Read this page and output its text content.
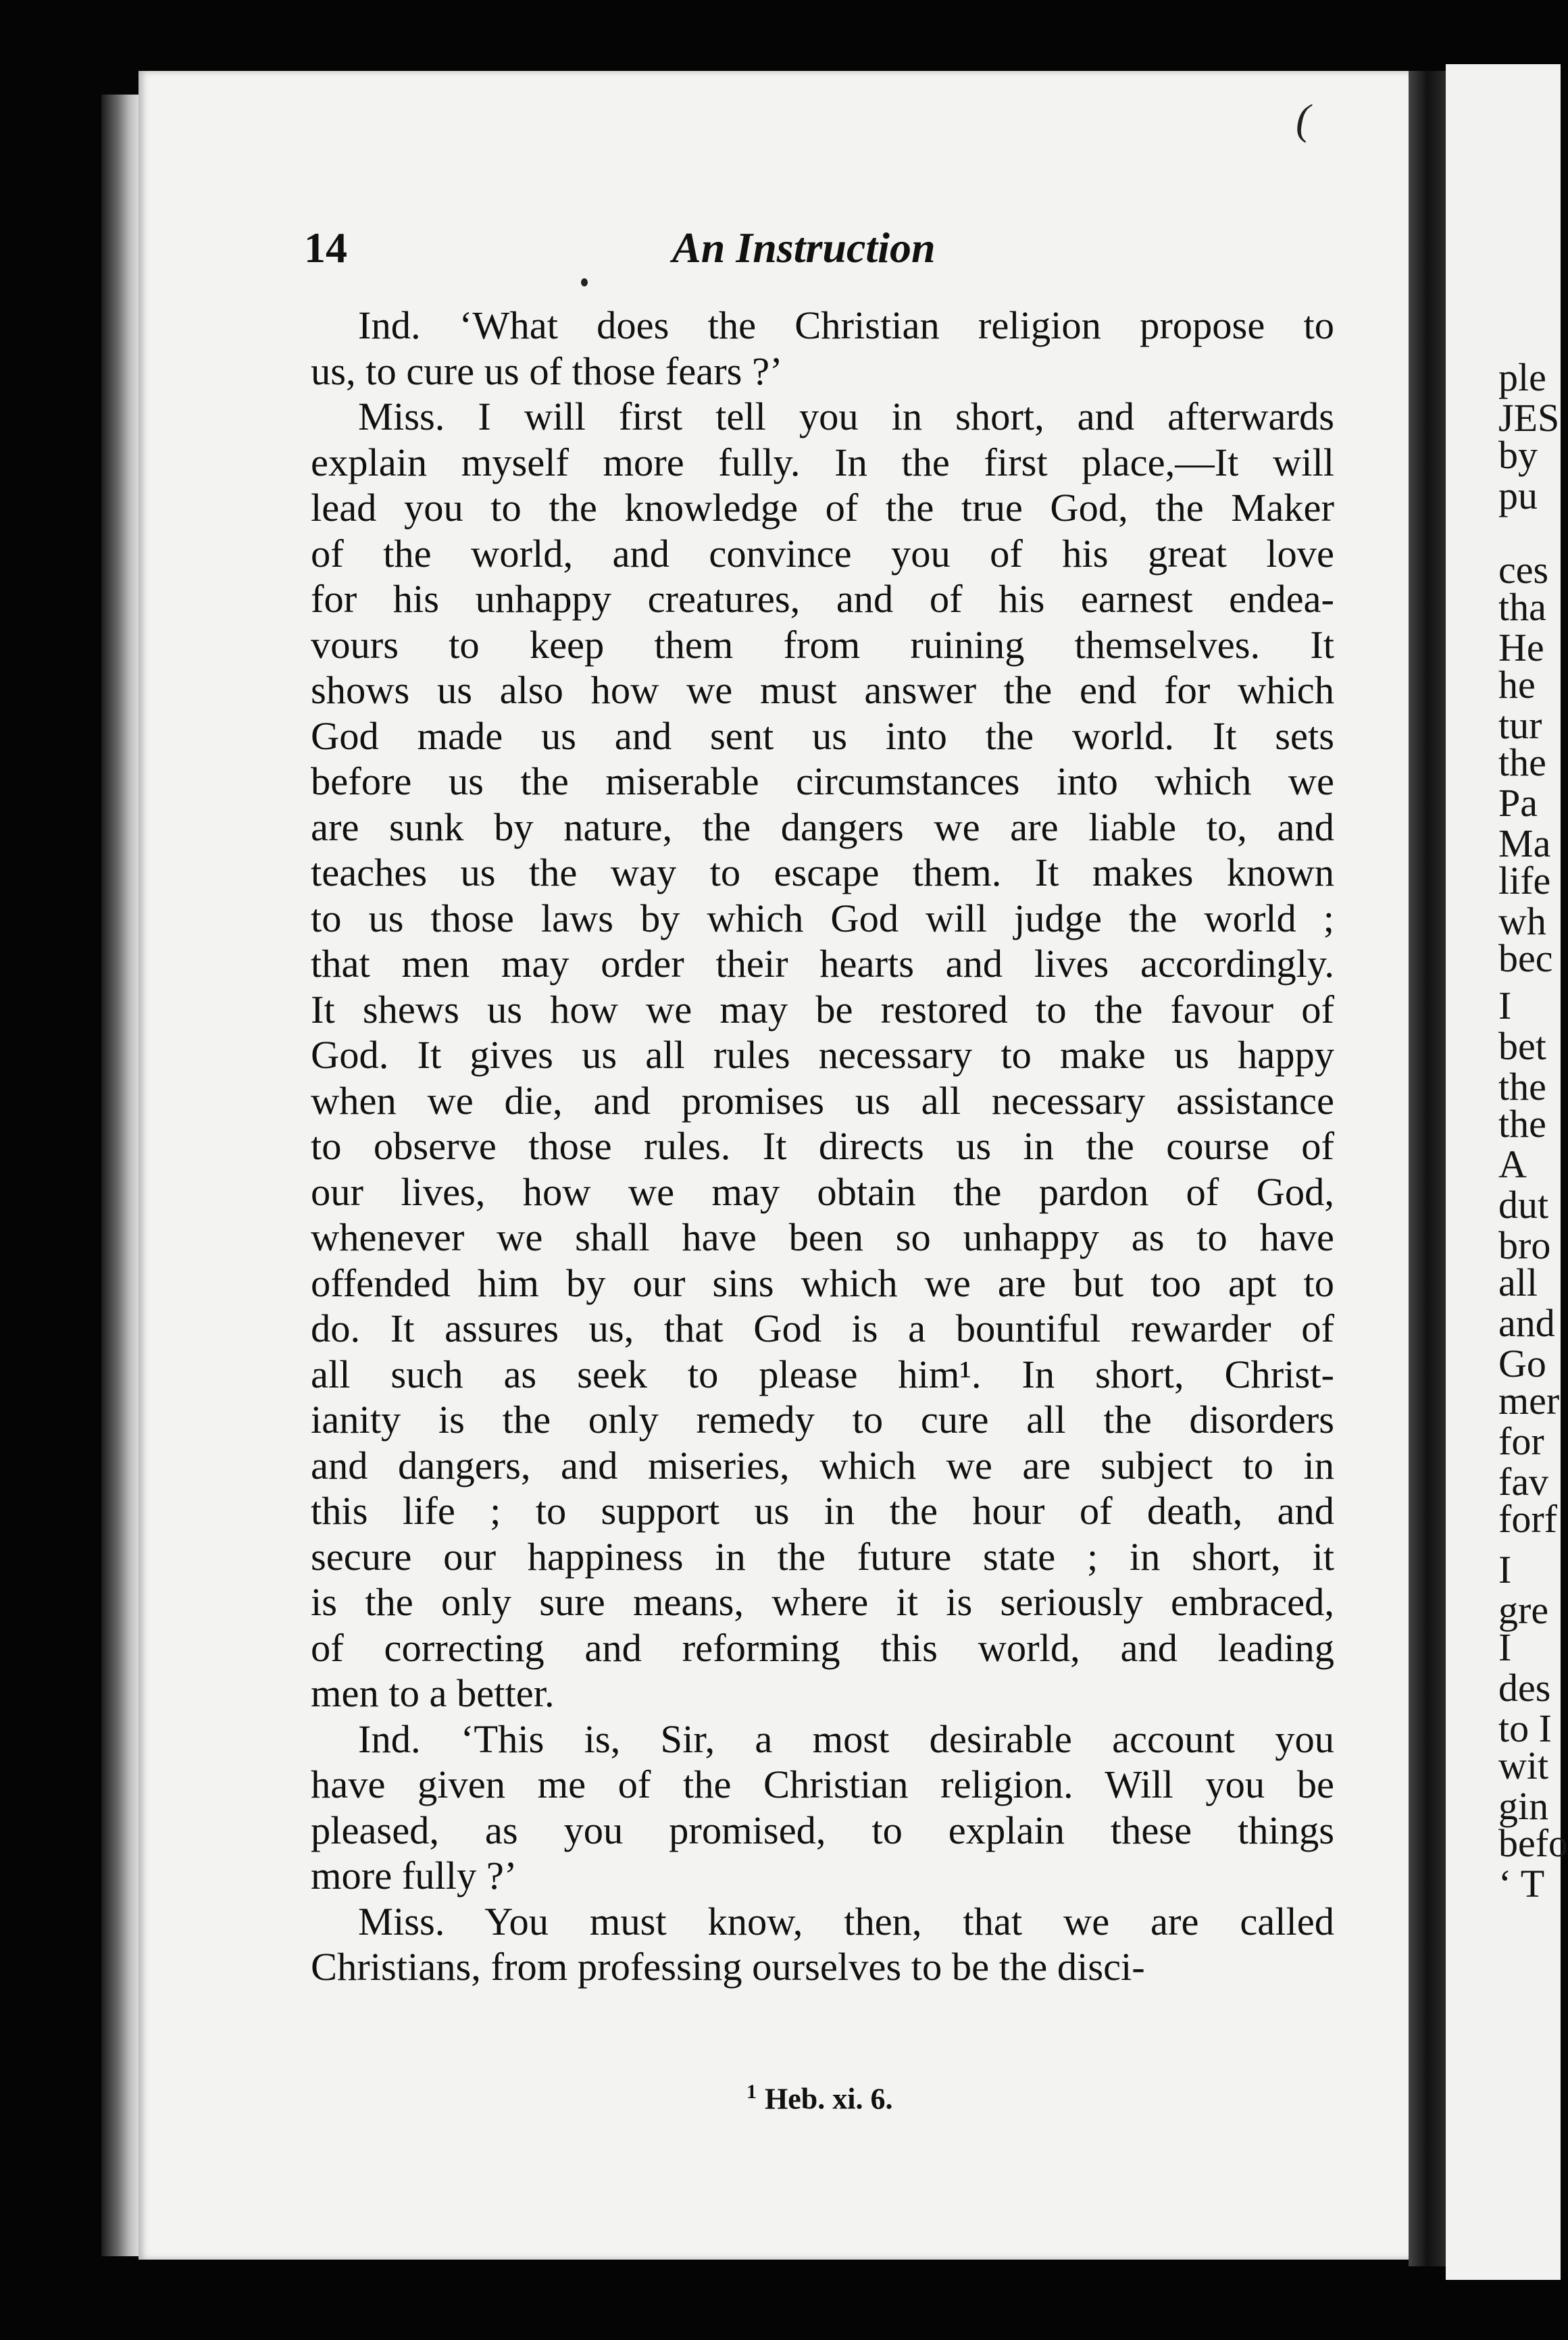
ple
JES
by
pu
ces
tha
He
he
tur
the
Pa
Ma
life
wh
bec
I
bet
the
the
A
dut
bro
all
and
Go
mer
for
fav
forf
I
gre
I
des
to I
wit
gin
befo
‘ T
(
14	An Instruction
Ind. ‘What does the Christian religion propose to
us, to cure us of those fears ?’
Miss. I will first tell you in short, and afterwards
explain myself more fully. In the first place,—It will
lead you to the knowledge of the true God, the Maker
of the world, and convince you of his great love
for his unhappy creatures, and of his earnest endea-
vours to keep them from ruining themselves. It
shows us also how we must answer the end for which
God made us and sent us into the world. It sets
before us the miserable circumstances into which we
are sunk by nature, the dangers we are liable to, and
teaches us the way to escape them. It makes known
to us those laws by which God will judge the world ;
that men may order their hearts and lives accordingly.
It shews us how we may be restored to the favour of
God. It gives us all rules necessary to make us happy
when we die, and promises us all necessary assistance
to observe those rules. It directs us in the course of
our lives, how we may obtain the pardon of God,
whenever we shall have been so unhappy as to have
offended him by our sins which we are but too apt to
do. It assures us, that God is a bountiful rewarder of
all such as seek to please him¹. In short, Christ-
ianity is the only remedy to cure all the disorders
and dangers, and miseries, which we are subject to in
this life ; to support us in the hour of death, and
secure our happiness in the future state ; in short, it
is the only sure means, where it is seriously embraced,
of correcting and reforming this world, and leading
men to a better.
Ind. ‘This is, Sir, a most desirable account you
have given me of the Christian religion. Will you be
pleased, as you promised, to explain these things
more fully ?’
Miss. You must know, then, that we are called
Christians, from professing ourselves to be the disci-
$^1$ Heb. xi. 6.
